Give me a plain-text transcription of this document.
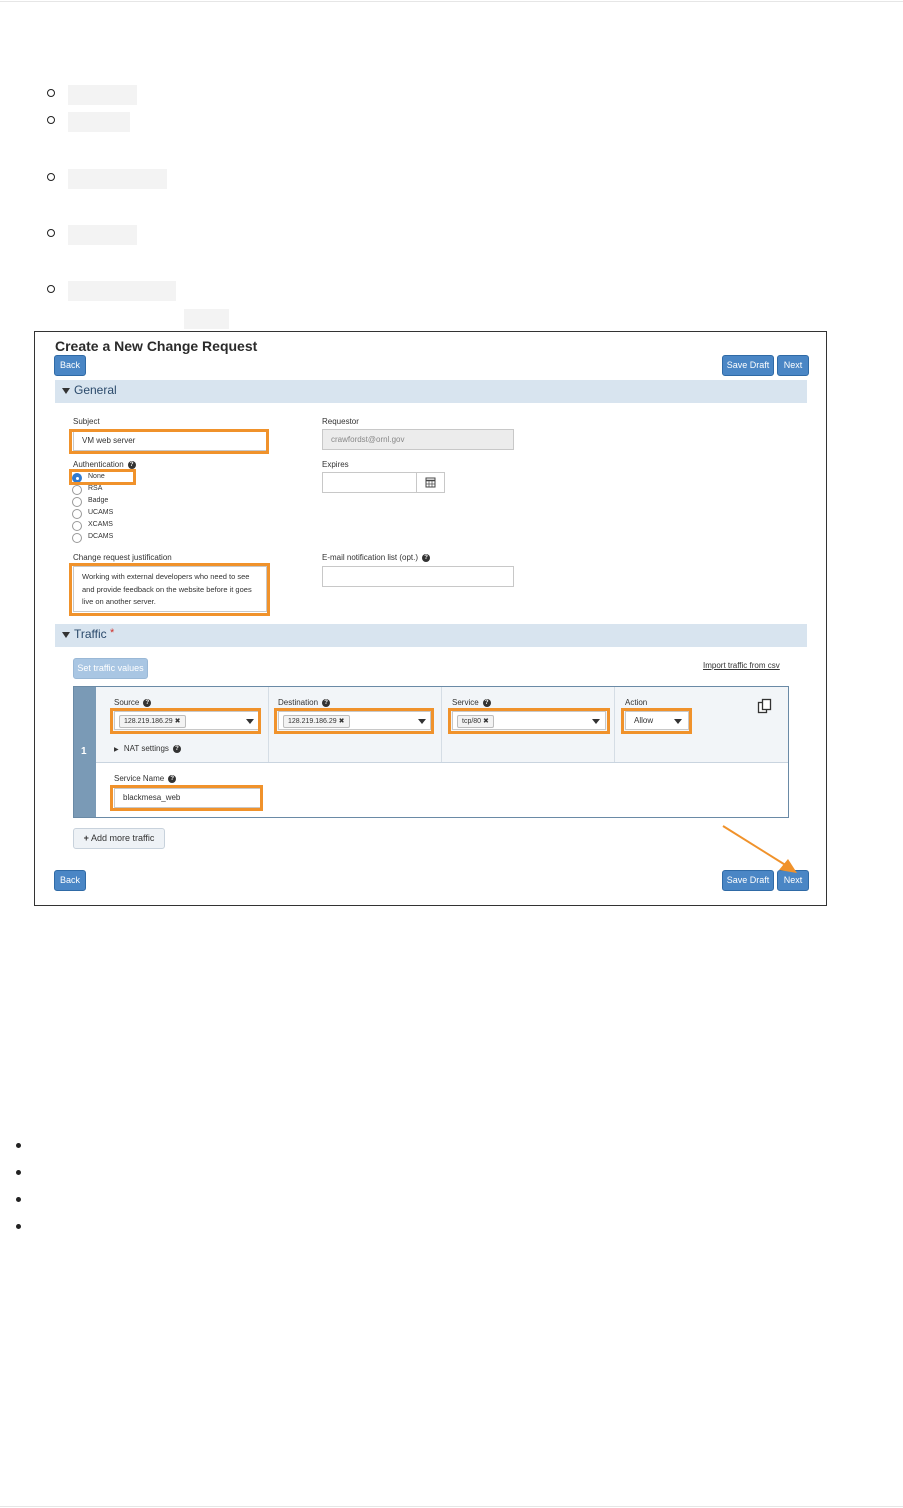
Create a New Change Request
Back	Save Draft	Next
General
Subject
VM web server
Requestor
crawfordst@ornl.gov
Authentication ?
None
RSA
Badge
UCAMS
XCAMS
DCAMS
Expires
Change request justification
Working with external developers who need to see and provide feedback on the website before it goes live on another server.
E-mail notification list (opt.) ?
Traffic *
Set traffic values	Import traffic from csv
1
Source ?
128.219.186.29 ✖
▶ NAT settings ?
Destination ?
128.219.186.29 ✖
Service ?
tcp/80 ✖
Action
Allow
Service Name ?
blackmesa_web
+ Add more traffic
Back	Save Draft	Next
